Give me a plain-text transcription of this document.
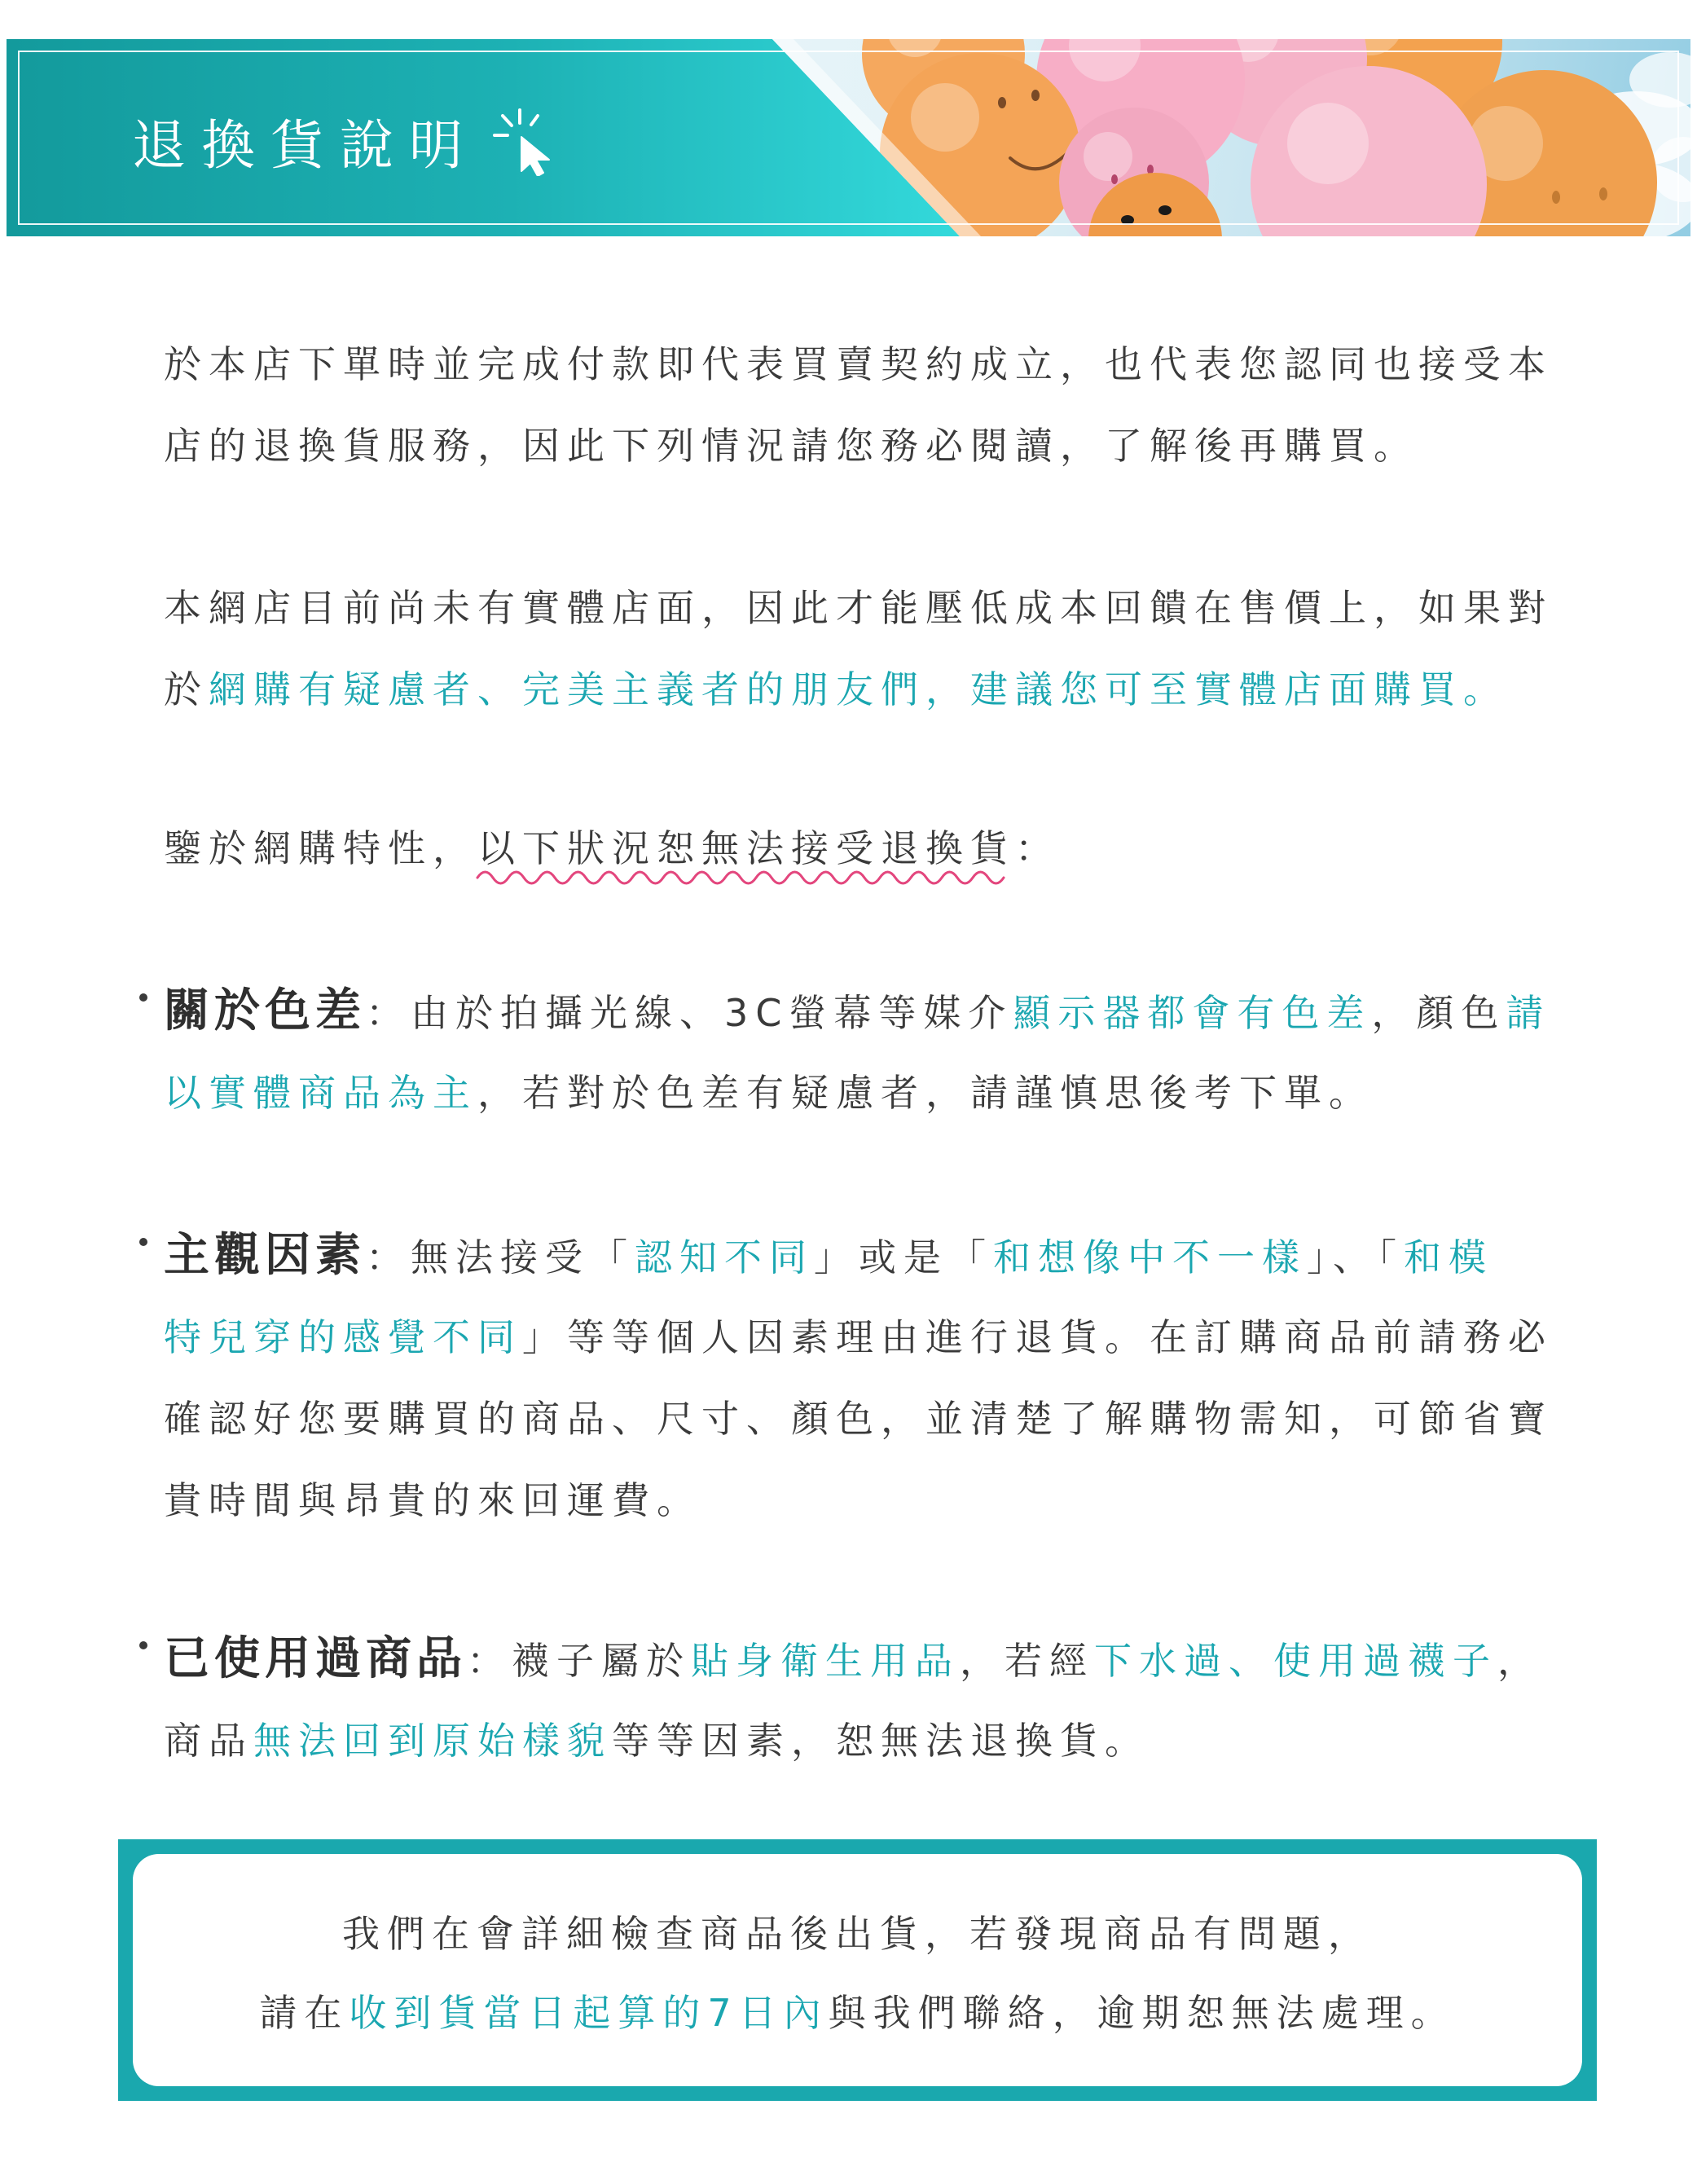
退換貨說明
於本店下單時並完成付款即代表買賣契約成立，也代表您認同也接受本
店的退換貨服務，因此下列情況請您務必閱讀，了解後再購買。
本網店目前尚未有實體店面，因此才能壓低成本回饋在售價上，如果對
於網購有疑慮者、完美主義者的朋友們，建議您可至實體店面購買。
鑒於網購特性，以下狀況恕無法接受退換貨
：
關於色差：由於拍攝光線、3C螢幕等媒介顯示器都會有色差，顏色請
以實體商品為主，若對於色差有疑慮者，請謹慎思後考下單。
主觀因素：無法接受「認知不同」或是「和想像中不一樣」、「和模
特兒穿的感覺不同」等等個人因素理由進行退貨。在訂購商品前請務必
確認好您要購買的商品、尺寸、顏色，並清楚了解購物需知，可節省寶
貴時間與昂貴的來回運費。
已使用過商品：襪子屬於貼身衛生用品，若經下水過、使用過襪子，
商品無法回到原始樣貌等等因素，恕無法退換貨。
我們在會詳細檢查商品後出貨，若發現商品有問題，
請在收到貨當日起算的7日內與我們聯絡，逾期恕無法處理。
